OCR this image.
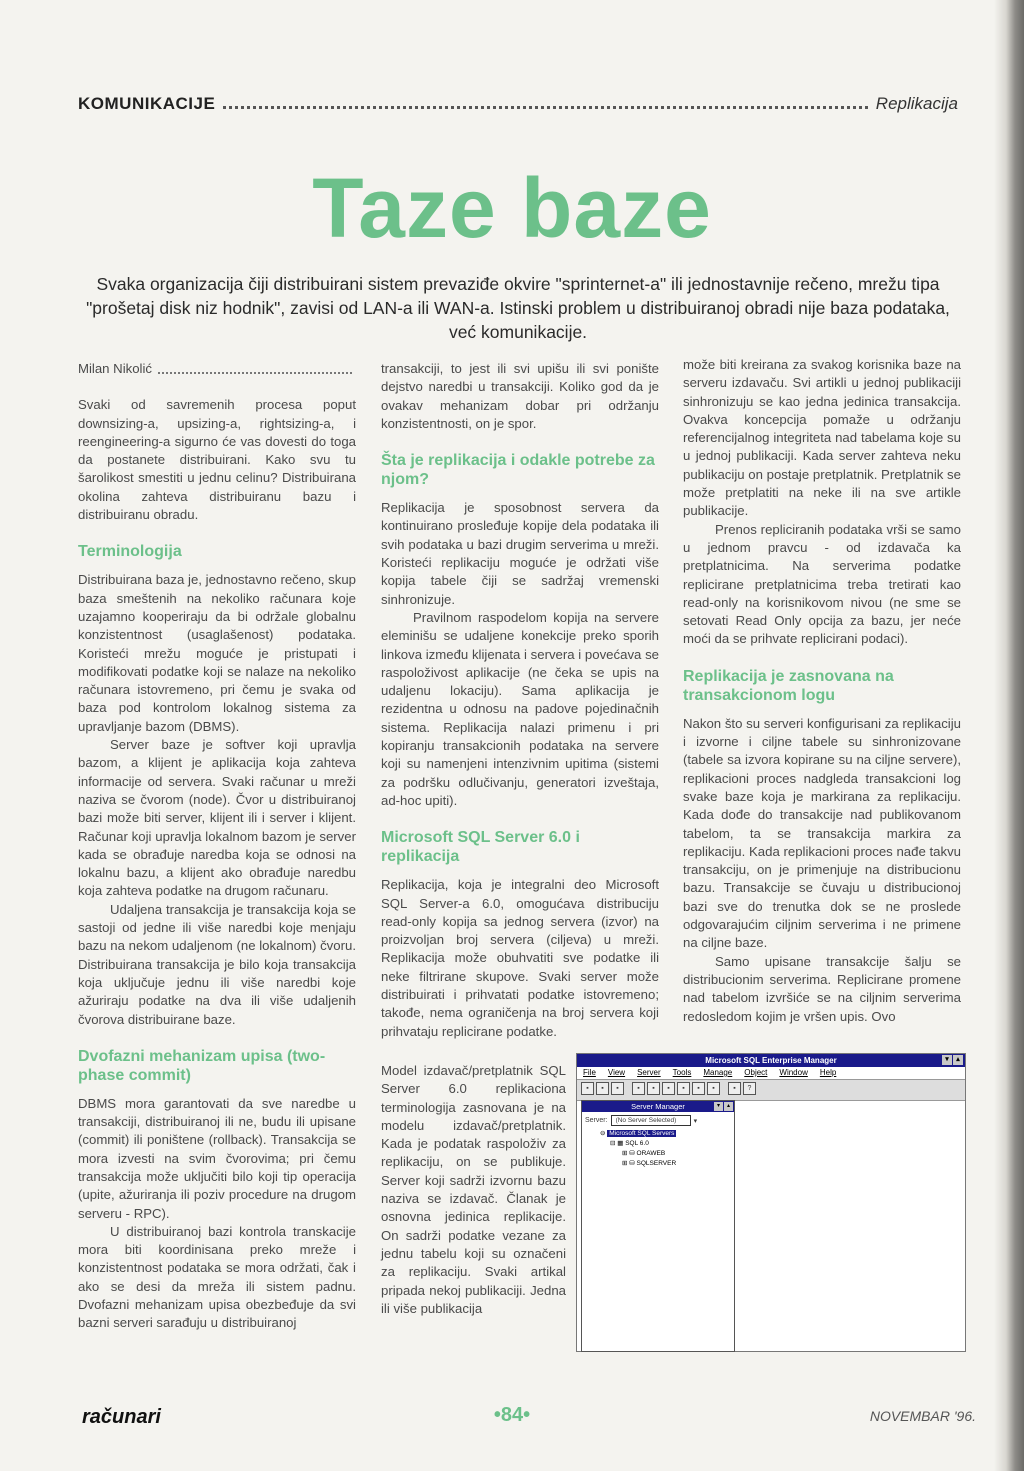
KOMUNIKACIJE	Replikacija
Taze baze
Svaka organizacija čiji distribuirani sistem prevaziđe okvire "sprinternet-a" ili jednostavnije rečeno, mrežu tipa "prošetaj disk niz hodnik", zavisi od LAN-a ili WAN-a. Istinski problem u distribuiranoj obradi nije baza podataka, već komunikacije.
Milan Nikolić

Svaki od savremenih procesa poput downsizing-a, upsizing-a, rightsizing-a, i reengineering-a sigurno će vas dovesti do toga da postanete distribuirani. Kako svu tu šarolikost smestiti u jednu celinu? Distribuirana okolina zahteva distribuiranu bazu i distribuiranu obradu.

Terminologija

Distribuirana baza je, jednostavno rečeno, skup baza smeštenih na nekoliko računara koje uzajamno kooperiraju da bi održale globalnu konzistentnost (usaglašenost) podataka. Koristeći mrežu moguće je pristupati i modifikovati podatke koji se nalaze na nekoliko računara istovremeno, pri čemu je svaka od baza pod kontrolom lokalnog sistema za upravljanje bazom (DBMS).

Server baze je softver koji upravlja bazom, a klijent je aplikacija koja zahteva informacije od servera. Svaki računar u mreži naziva se čvorom (node). Čvor u distribuiranoj bazi može biti server, klijent ili i server i klijent. Računar koji upravlja lokalnom bazom je server kada se obrađuje naredba koja se odnosi na lokalnu bazu, a klijent ako obrađuje naredbu koja zahteva podatke na drugom računaru.

Udaljena transakcija je transakcija koja se sastoji od jedne ili više naredbi koje menjaju bazu na nekom udaljenom (ne lokalnom) čvoru. Distribuirana transakcija je bilo koja transakcija koja uključuje jednu ili više naredbi koje ažuriraju podatke na dva ili više udaljenih čvorova distribuirane baze.

Dvofazni mehanizam upisa (two-phase commit)

DBMS mora garantovati da sve naredbe u transakciji, distribuiranoj ili ne, budu ili upisane (commit) ili poništene (rollback). Transakcija se mora izvesti na svim čvorovima; pri čemu transakcija može uključiti bilo koji tip operacija (upite, ažuriranja ili poziv procedure na drugom serveru - RPC).

U distribuiranoj bazi kontrola transkacije mora biti koordinisana preko mreže i konzistentnost podataka se mora održati, čak i ako se desi da mreža ili sistem padnu. Dvofazni mehanizam upisa obezbeđuje da svi bazni serveri sarađuju u distribuiranoj

transakciji, to jest ili svi upišu ili svi ponište dejstvo naredbi u transakciji. Koliko god da je ovakav mehanizam dobar pri održanju konzistentnosti, on je spor.

Šta je replikacija i odakle potrebe za njom?

Replikacija je sposobnost servera da kontinuirano prosleđuje kopije dela podataka ili svih podataka u bazi drugim serverima u mreži. Koristeći replikaciju moguće je održati više kopija tabele čiji se sadržaj vremenski sinhronizuje.

Pravilnom raspodelom kopija na servere eleminišu se udaljene konekcije preko sporih linkova između klijenata i servera i povećava se raspoloživost aplikacije (ne čeka se upis na udaljenu lokaciju). Sama aplikacija je rezidentna u odnosu na padove pojedinačnih sistema. Replikacija nalazi primenu i pri kopiranju transakcionih podataka na servere koji su namenjeni intenzivnim upitima (sistemi za podršku odlučivanju, generatori izveštaja, ad-hoc upiti).

Microsoft SQL Server 6.0 i replikacija

Replikacija, koja je integralni deo Microsoft SQL Server-a 6.0, omogućava distribuciju read-only kopija sa jednog servera (izvor) na proizvoljan broj servera (ciljeva) u mreži. Replikacija može obuhvatiti sve podatke ili neke filtrirane skupove. Svaki server može distribuirati i prihvatati podatke istovremeno; takođe, nema ograničenja na broj servera koji prihvataju replicirane podatke.

Model izdavač/pretplatnik SQL Server 6.0 replikaciona terminologija zasnovana je na modelu izdavač/pretplatnik. Kada je podatak raspoloživ za replikaciju, on se publikuje. Server koji sadrži izvornu bazu naziva se izdavač. Članak je osnovna jedinica replikacije. On sadrži podatke vezane za jednu tabelu koji su označeni za replikaciju. Svaki artikal pripada nekoj publikaciji. Jedna ili više publikacija

može biti kreirana za svakog korisnika baze na serveru izdavaču. Svi artikli u jednoj publikaciji sinhronizuju se kao jedna jedinica transakcija. Ovakva koncepcija pomaže u održanju referencijalnog integriteta nad tabelama koje su u jednoj publikaciji. Kada server zahteva neku publikaciju on postaje pretplatnik. Pretplatnik se može pretplatiti na neke ili na sve artikle publikacije.

Prenos repliciranih podataka vrši se samo u jednom pravcu - od izdavača ka pretplatnicima. Na serverima podatke replicirane pretplatnicima treba tretirati kao read-only na korisnikovom nivou (ne sme se setovati Read Only opcija za bazu, jer neće moći da se prihvate replicirani podaci).

Replikacija je zasnovana na transakcionom logu

Nakon što su serveri konfigurisani za replikaciju i izvorne i ciljne tabele su sinhronizovane (tabele sa izvora kopirane su na ciljne servere), replikacioni proces nadgleda transakcioni log svake baze koja je markirana za replikaciju. Kada dođe do transakcije nad publikovanom tabelom, ta se transakcija markira za replikaciju. Kada replikacioni proces nađe takvu transakciju, on je primenjuje na distribucionu bazu. Transakcije se čuvaju u distribucionoj bazi sve do trenutka dok se ne proslede odgovarajućim ciljnim serverima i ne primene na ciljne baze.

Samo upisane transakcije šalju se distribucionim serverima. Replicirane promene nad tabelom izvršiće se na ciljnim serverima redosledom kojim je vršen upis. Ovo

Microsoft SQL Enterprise Manager	▾	▴
File View Server Tools Manage Object Window Help
▪	▪	▪	▪	▪	▪	▪	▪	▪	▪	?
Server Manager	▾	▴
Server:	(No Server Selected)	▾
⊖ Microsoft SQL Servers
⊟ ▦ SQL 6.0
⊞ ⛁ ORAWEB
⊞ ⛁ SQLSERVER
računari	•84•	NOVEMBAR '96.
